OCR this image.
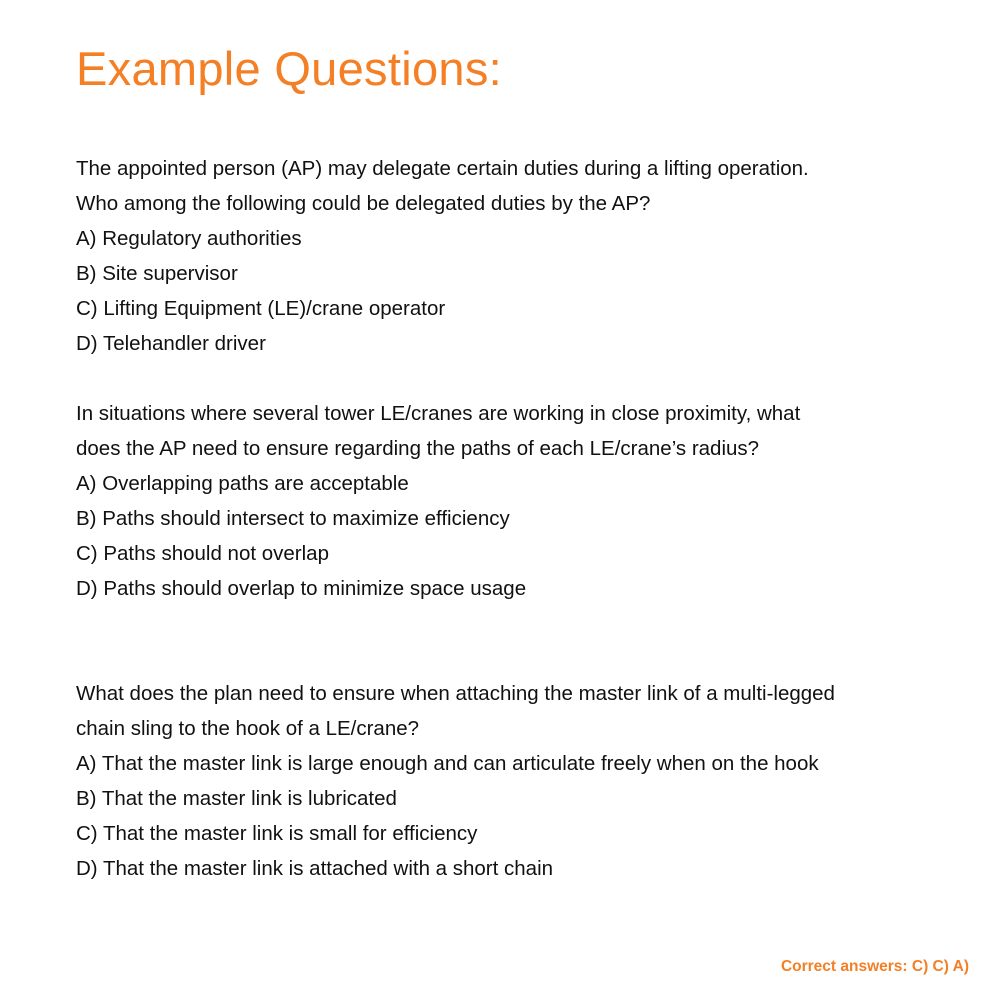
Example Questions:
The appointed person (AP) may delegate certain duties during a lifting operation.
Who among the following could be delegated duties by the AP?
A) Regulatory authorities
B) Site supervisor
C) Lifting Equipment (LE)/crane operator
D) Telehandler driver
In situations where several tower LE/cranes are working in close proximity, what
does the AP need to ensure regarding the paths of each LE/crane’s radius?
A) Overlapping paths are acceptable
B) Paths should intersect to maximize efficiency
C) Paths should not overlap
D) Paths should overlap to minimize space usage
What does the plan need to ensure when attaching the master link of a multi-legged
chain sling to the hook of a LE/crane?
A) That the master link is large enough and can articulate freely when on the hook
B) That the master link is lubricated
C) That the master link is small for efficiency
D) That the master link is attached with a short chain
Correct answers: C) C) A)
